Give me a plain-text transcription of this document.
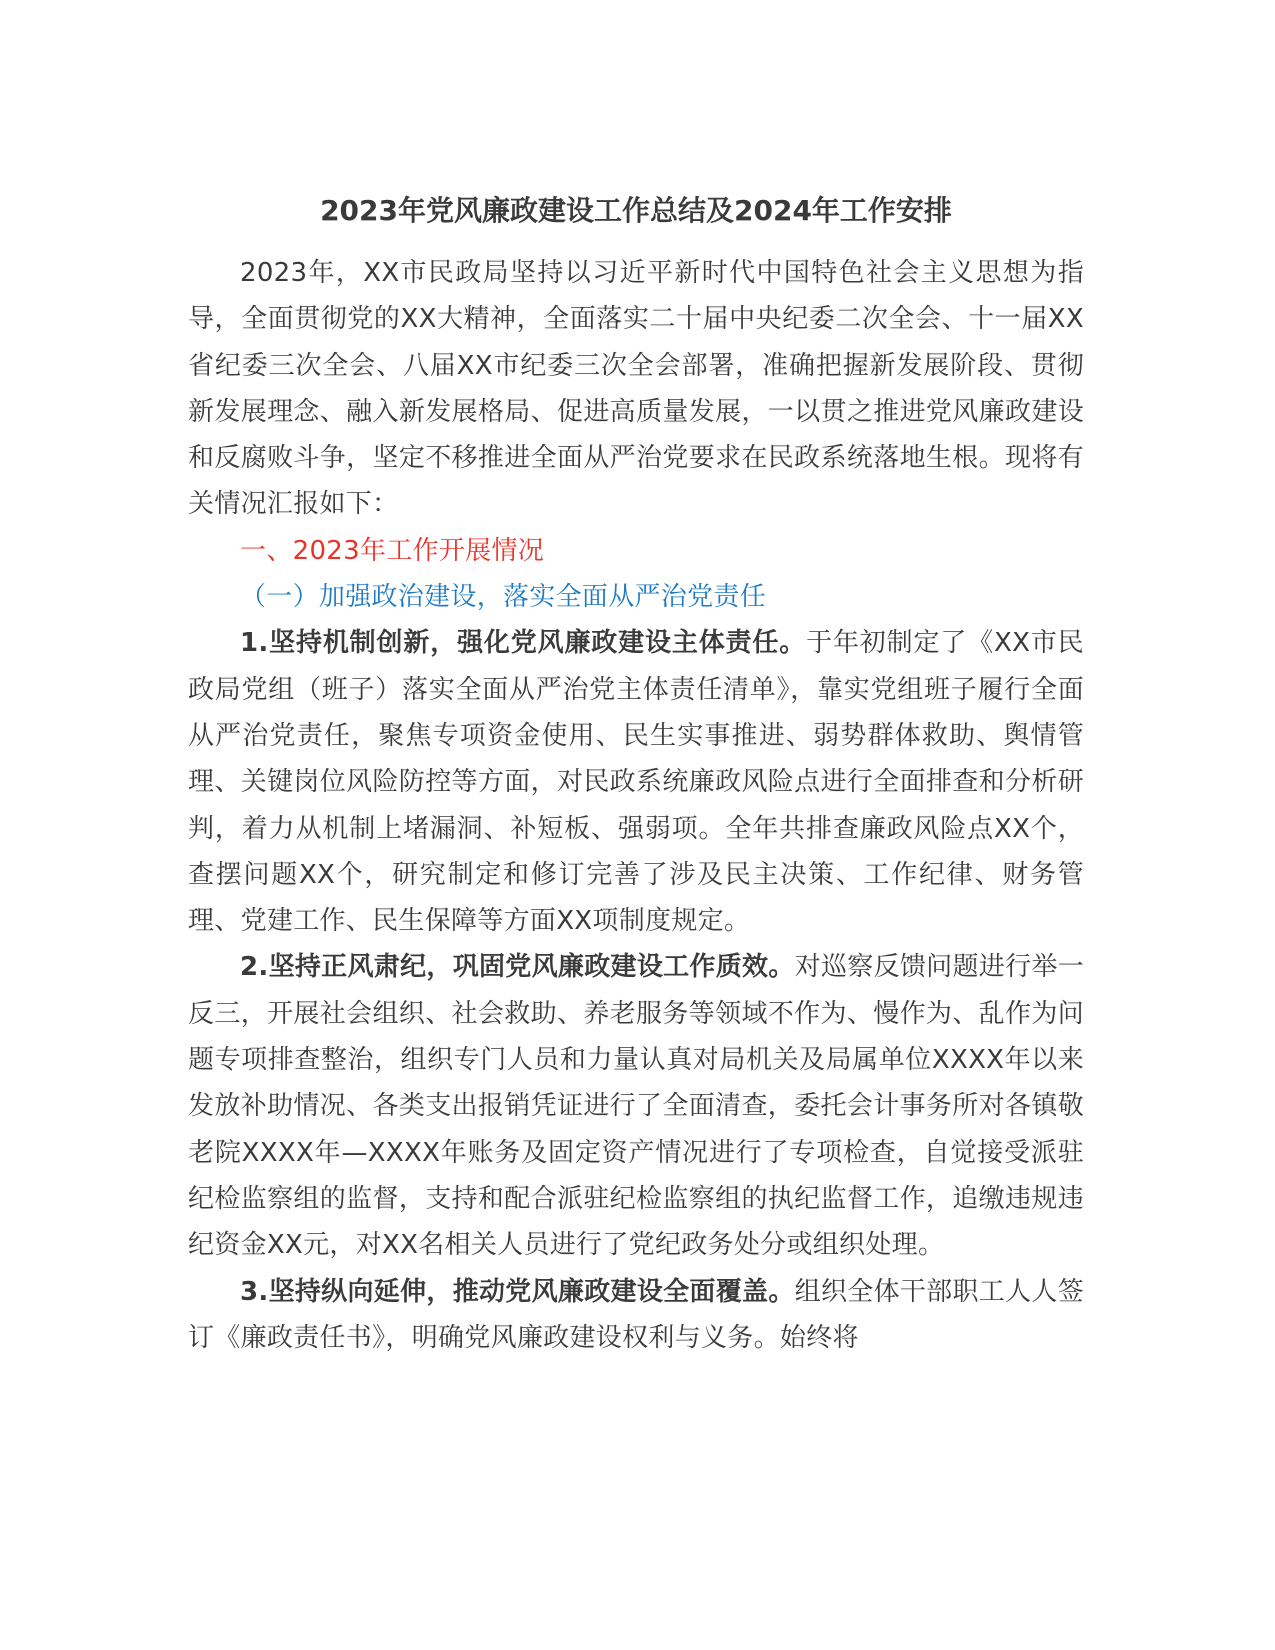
2023年党风廉政建设工作总结及2024年工作安排

2023年，XX市民政局坚持以习近平新时代中国特色社会主义思想为指导，全面贯彻党的XX大精神，全面落实二十届中央纪委二次全会、十一届XX省纪委三次全会、八届XX市纪委三次全会部署，准确把握新发展阶段、贯彻新发展理念、融入新发展格局、促进高质量发展，一以贯之推进党风廉政建设和反腐败斗争，坚定不移推进全面从严治党要求在民政系统落地生根。现将有关情况汇报如下：

一、2023年工作开展情况

（一）加强政治建设，落实全面从严治党责任

1.坚持机制创新，强化党风廉政建设主体责任。于年初制定了《XX市民政局党组（班子）落实全面从严治党主体责任清单》，靠实党组班子履行全面从严治党责任，聚焦专项资金使用、民生实事推进、弱势群体救助、舆情管理、关键岗位风险防控等方面，对民政系统廉政风险点进行全面排查和分析研判，着力从机制上堵漏洞、补短板、强弱项。全年共排查廉政风险点XX个，查摆问题XX个，研究制定和修订完善了涉及民主决策、工作纪律、财务管理、党建工作、民生保障等方面XX项制度规定。

2.坚持正风肃纪，巩固党风廉政建设工作质效。对巡察反馈问题进行举一反三，开展社会组织、社会救助、养老服务等领域不作为、慢作为、乱作为问题专项排查整治，组织专门人员和力量认真对局机关及局属单位XXXX年以来发放补助情况、各类支出报销凭证进行了全面清查，委托会计事务所对各镇敬老院XXXX年—XXXX年账务及固定资产情况进行了专项检查，自觉接受派驻纪检监察组的监督，支持和配合派驻纪检监察组的执纪监督工作，追缴违规违纪资金XX元，对XX名相关人员进行了党纪政务处分或组织处理。

3.坚持纵向延伸，推动党风廉政建设全面覆盖。组织全体干部职工人人签订《廉政责任书》，明确党风廉政建设权利与义务。始终将
